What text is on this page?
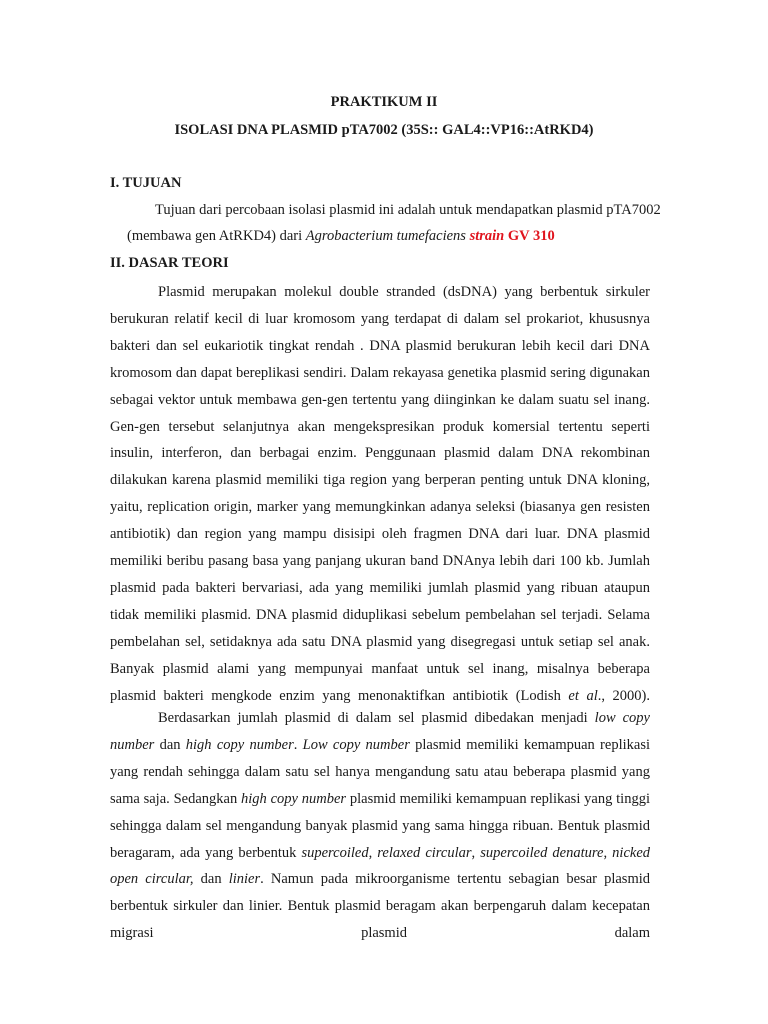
PRAKTIKUM II
ISOLASI DNA PLASMID pTA7002 (35S:: GAL4::VP16::AtRKD4)
I. TUJUAN

Tujuan dari percobaan isolasi plasmid ini adalah untuk mendapatkan plasmid pTA7002
(membawa gen AtRKD4) dari Agrobacterium tumefaciens strain GV 310

II. DASAR TEORI

Plasmid merupakan molekul double stranded (dsDNA) yang berbentuk sirkuler berukuran relatif kecil di luar kromosom yang terdapat di dalam sel prokariot, khususnya bakteri dan sel eukariotik tingkat rendah . DNA plasmid berukuran lebih kecil dari DNA kromosom dan dapat bereplikasi sendiri. Dalam rekayasa genetika plasmid sering digunakan sebagai vektor untuk membawa gen-gen tertentu yang diinginkan ke dalam suatu sel inang. Gen-gen tersebut selanjutnya akan mengekspresikan produk komersial tertentu seperti insulin, interferon, dan berbagai enzim. Penggunaan plasmid dalam DNA rekombinan dilakukan karena plasmid memiliki tiga region yang berperan penting untuk DNA kloning, yaitu, replication origin, marker yang memungkinkan adanya seleksi (biasanya gen resisten antibiotik) dan region yang mampu disisipi oleh fragmen DNA dari luar. DNA plasmid memiliki beribu pasang basa yang panjang ukuran band DNAnya lebih dari 100 kb. Jumlah plasmid pada bakteri bervariasi, ada yang memiliki jumlah plasmid yang ribuan ataupun tidak memiliki plasmid. DNA plasmid diduplikasi sebelum pembelahan sel terjadi. Selama pembelahan sel, setidaknya ada satu DNA plasmid yang disegregasi untuk setiap sel anak. Banyak plasmid alami yang mempunyai manfaat untuk sel inang, misalnya beberapa plasmid bakteri mengkode enzim yang menonaktifkan antibiotik (Lodish et al., 2000).

Berdasarkan jumlah plasmid di dalam sel plasmid dibedakan menjadi low copy number dan high copy number. Low copy number plasmid memiliki kemampuan replikasi yang rendah sehingga dalam satu sel hanya mengandung satu atau beberapa plasmid yang sama saja. Sedangkan high copy number plasmid memiliki kemampuan replikasi yang tinggi sehingga dalam sel mengandung banyak plasmid yang sama hingga ribuan. Bentuk plasmid beragaram, ada yang berbentuk supercoiled, relaxed circular, supercoiled denature, nicked open circular, dan linier. Namun pada mikroorganisme tertentu sebagian besar plasmid berbentuk sirkuler dan linier. Bentuk plasmid beragam akan berpengaruh dalam kecepatan migrasi plasmid dalam
